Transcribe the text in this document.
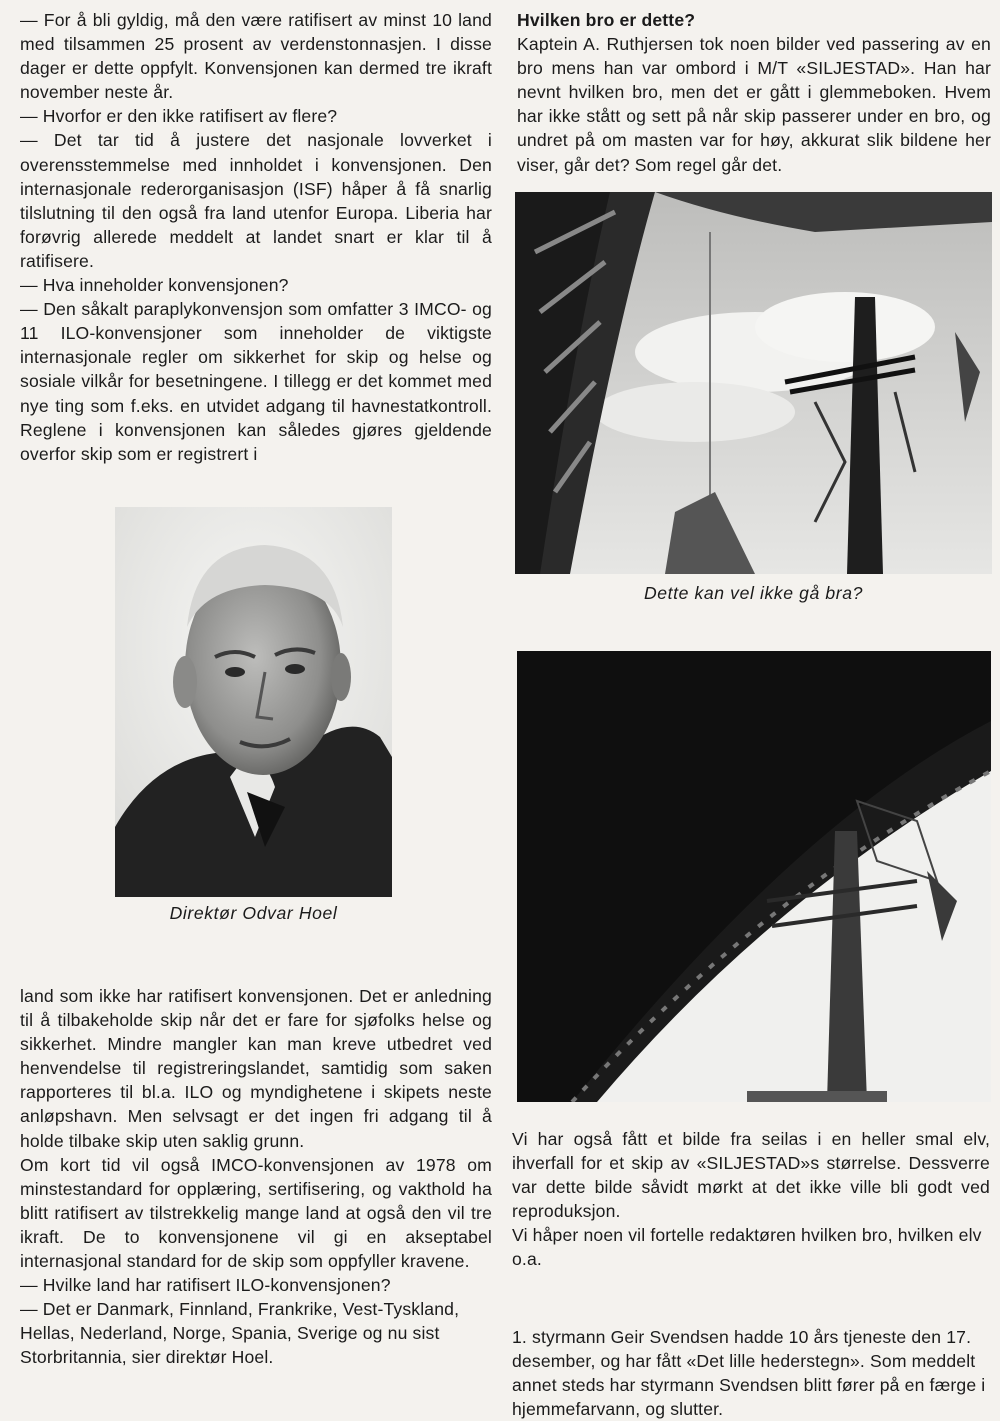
— For å bli gyldig, må den være ratifisert av minst 10 land med tilsammen 25 prosent av verdenstonnasjen. I disse dager er dette oppfylt. Konvensjonen kan dermed tre ikraft november neste år.

— Hvorfor er den ikke ratifisert av flere?

— Det tar tid å justere det nasjonale lovverket i overensstemmelse med innholdet i konvensjonen. Den internasjonale rederorganisasjon (ISF) håper å få snarlig tilslutning til den også fra land utenfor Europa. Liberia har forøvrig allerede meddelt at landet snart er klar til å ratifisere.

— Hva inneholder konvensjonen?

— Den såkalt paraplykonvensjon som omfatter 3 IMCO- og 11 ILO-konvensjoner som inneholder de viktigste internasjonale regler om sikkerhet for skip og helse og sosiale vilkår for besetningene. I tillegg er det kommet med nye ting som f.eks. en utvidet adgang til havnestatkontroll. Reglene i konvensjonen kan således gjøres gjeldende overfor skip som er registrert i

Direktør Odvar Hoel

land som ikke har ratifisert konvensjonen. Det er anledning til å tilbakeholde skip når det er fare for sjøfolks helse og sikkerhet. Mindre mangler kan man kreve utbedret ved henvendelse til registreringslandet, samtidig som saken rapporteres til bl.a. ILO og myndighetene i skipets neste anløpshavn. Men selvsagt er det ingen fri adgang til å holde tilbake skip uten saklig grunn.

Om kort tid vil også IMCO-konvensjonen av 1978 om minstestandard for opplæring, sertifisering, og vakthold ha blitt ratifisert av tilstrekkelig mange land at også den vil tre ikraft. De to konvensjonene vil gi en akseptabel internasjonal standard for de skip som oppfyller kravene.

— Hvilke land har ratifisert ILO-konvensjonen?

— Det er Danmark, Finnland, Frankrike, Vest-Tyskland, Hellas, Nederland, Norge, Spania, Sverige og nu sist Storbritannia, sier direktør Hoel.

Hvilken bro er dette?

Kaptein A. Ruthjersen tok noen bilder ved passering av en bro mens han var ombord i M/T «SILJESTAD». Han har nevnt hvilken bro, men det er gått i glemmeboken. Hvem har ikke stått og sett på når skip passerer under en bro, og undret på om masten var for høy, akkurat slik bildene her viser, går det? Som regel går det.

Dette kan vel ikke gå bra?

Vi har også fått et bilde fra seilas i en heller smal elv, ihverfall for et skip av «SILJESTAD»s størrelse. Dessverre var dette bilde såvidt mørkt at det ikke ville bli godt ved reproduksjon.

Vi håper noen vil fortelle redaktøren hvilken bro, hvilken elv o.a.

1. styrmann Geir Svendsen hadde 10 års tjeneste den 17. desember, og har fått «Det lille hederstegn». Som meddelt annet steds har styrmann Svendsen blitt fører på en færge i hjemmefarvann, og slutter.
